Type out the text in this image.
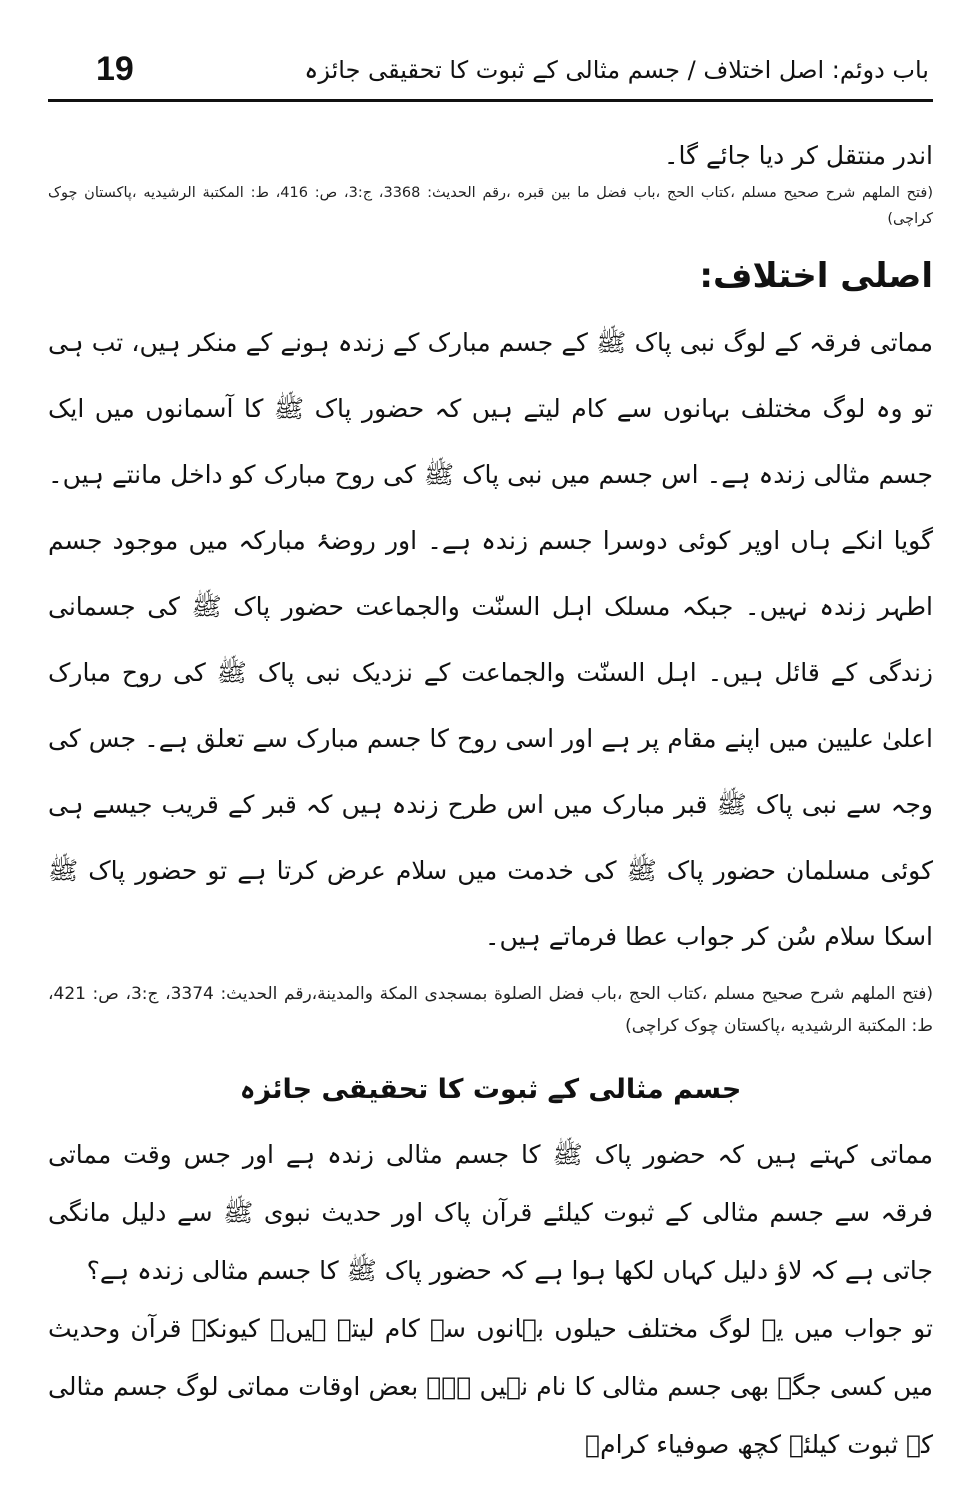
19	باب دوئم: اصل اختلاف / جسم مثالی کے ثبوت کا تحقیقی جائزہ

اندر منتقل کر دیا جائے گا۔

(فتح الملهم شرح صحيح مسلم ،كتاب الحج ،باب فضل ما بين قبره ،رقم الحديث: 3368، ج:3، ص: 416، ط: المكتبة الرشيديه ،پاكستان چوک كراچی)

اصلی اختلاف:

مماتی فرقہ کے لوگ نبی پاک ﷺ کے جسم مبارک کے زندہ ہونے کے منکر ہیں، تب ہی تو وہ لوگ مختلف بہانوں سے کام لیتے ہیں کہ حضور پاک ﷺ کا آسمانوں میں ایک جسم مثالی زندہ ہے۔ اس جسم میں نبی پاک ﷺ کی روح مبارک کو داخل مانتے ہیں۔ گویا انکے ہاں اوپر کوئی دوسرا جسم زندہ ہے۔ اور روضۂ مبارکہ میں موجود جسم اطہر زندہ نہیں۔ جبکہ مسلک اہل السنّت والجماعت حضور پاک ﷺ کی جسمانی زندگی کے قائل ہیں۔ اہل السنّت والجماعت کے نزدیک نبی پاک ﷺ کی روح مبارک اعلیٰ علیین میں اپنے مقام پر ہے اور اسی روح کا جسم مبارک سے تعلق ہے۔ جس کی وجہ سے نبی پاک ﷺ قبر مبارک میں اس طرح زندہ ہیں کہ قبر کے قریب جیسے ہی کوئی مسلمان حضور پاک ﷺ کی خدمت میں سلام عرض کرتا ہے تو حضور پاک ﷺ اسکا سلام سُن کر جواب عطا فرماتے ہیں۔

(فتح الملهم شرح صحيح مسلم ،كتاب الحج ،باب فضل الصلوة بمسجدى المكة والمدينة،رقم الحديث: 3374، ج:3، ص: 421، ط: المكتبة الرشيديه ،پاكستان چوک كراچی)

جسم مثالی کے ثبوت کا تحقیقی جائزہ

مماتی کہتے ہیں کہ حضور پاک ﷺ کا جسم مثالی زندہ ہے اور جس وقت مماتی فرقہ سے جسم مثالی کے ثبوت کیلئے قرآن پاک اور حدیث نبوی ﷺ سے دلیل مانگی جاتی ہے کہ لاؤ دلیل کہاں لکھا ہوا ہے کہ حضور پاک ﷺ کا جسم مثالی زندہ ہے؟

تو جواب میں یہ لوگ مختلف حیلوں بہانوں سے کام لیتے ہیں۔ کیونکہ قرآن وحدیث میں کسی جگہ بھی جسم مثالی کا نام نہیں ہے۔ بعض اوقات مماتی لوگ جسم مثالی کے ثبوت کیلئے کچھ صوفیاء کرامؒ
